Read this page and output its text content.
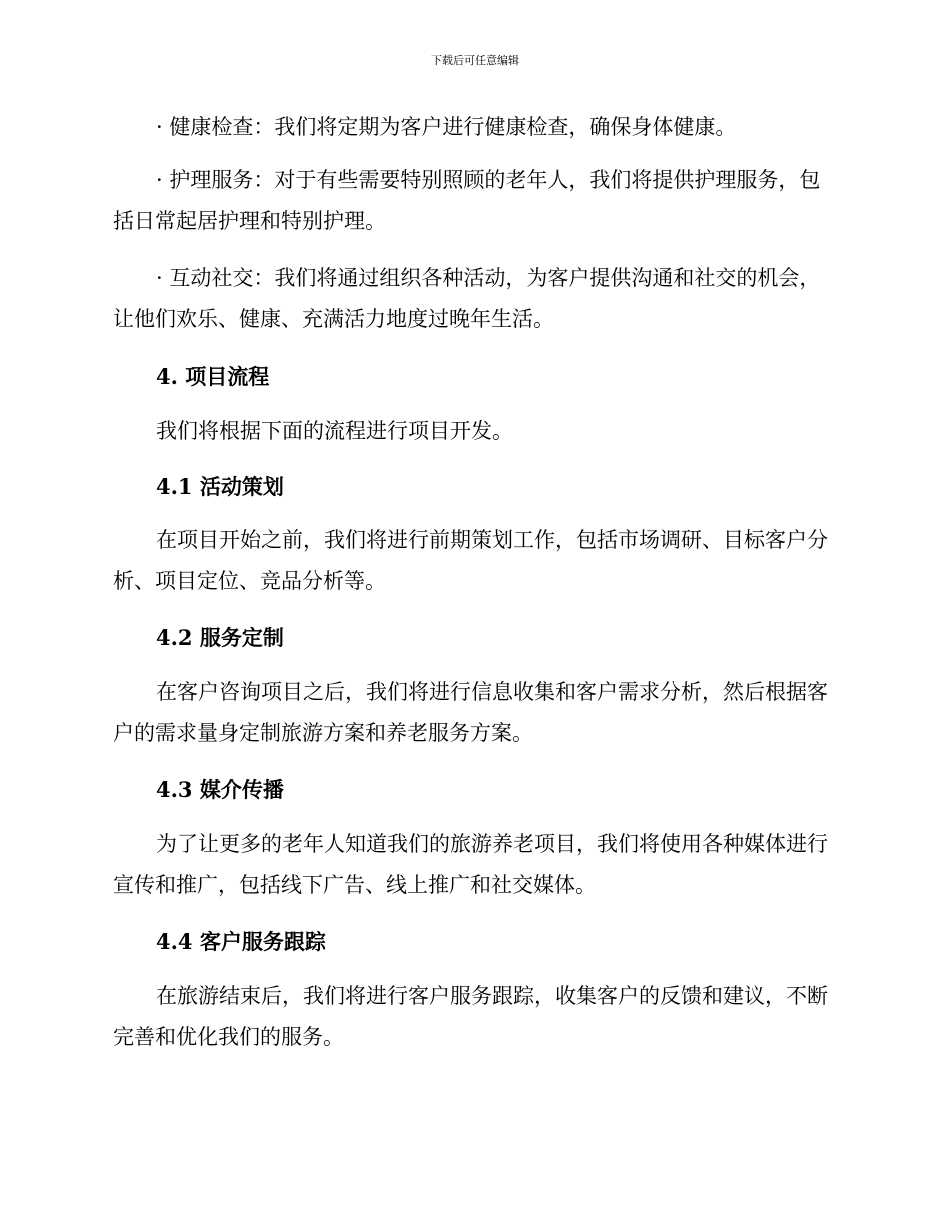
下载后可任意编辑
· 健康检查：我们将定期为客户进行健康检查，确保身体健康。
· 护理服务：对于有些需要特别照顾的老年人，我们将提供护理服务，包括日常起居护理和特别护理。
· 互动社交：我们将通过组织各种活动，为客户提供沟通和社交的机会，让他们欢乐、健康、充满活力地度过晚年生活。
4. 项目流程
我们将根据下面的流程进行项目开发。
4.1 活动策划
在项目开始之前，我们将进行前期策划工作，包括市场调研、目标客户分析、项目定位、竞品分析等。
4.2 服务定制
在客户咨询项目之后，我们将进行信息收集和客户需求分析，然后根据客户的需求量身定制旅游方案和养老服务方案。
4.3 媒介传播
为了让更多的老年人知道我们的旅游养老项目，我们将使用各种媒体进行宣传和推广，包括线下广告、线上推广和社交媒体。
4.4 客户服务跟踪
在旅游结束后，我们将进行客户服务跟踪，收集客户的反馈和建议，不断完善和优化我们的服务。
